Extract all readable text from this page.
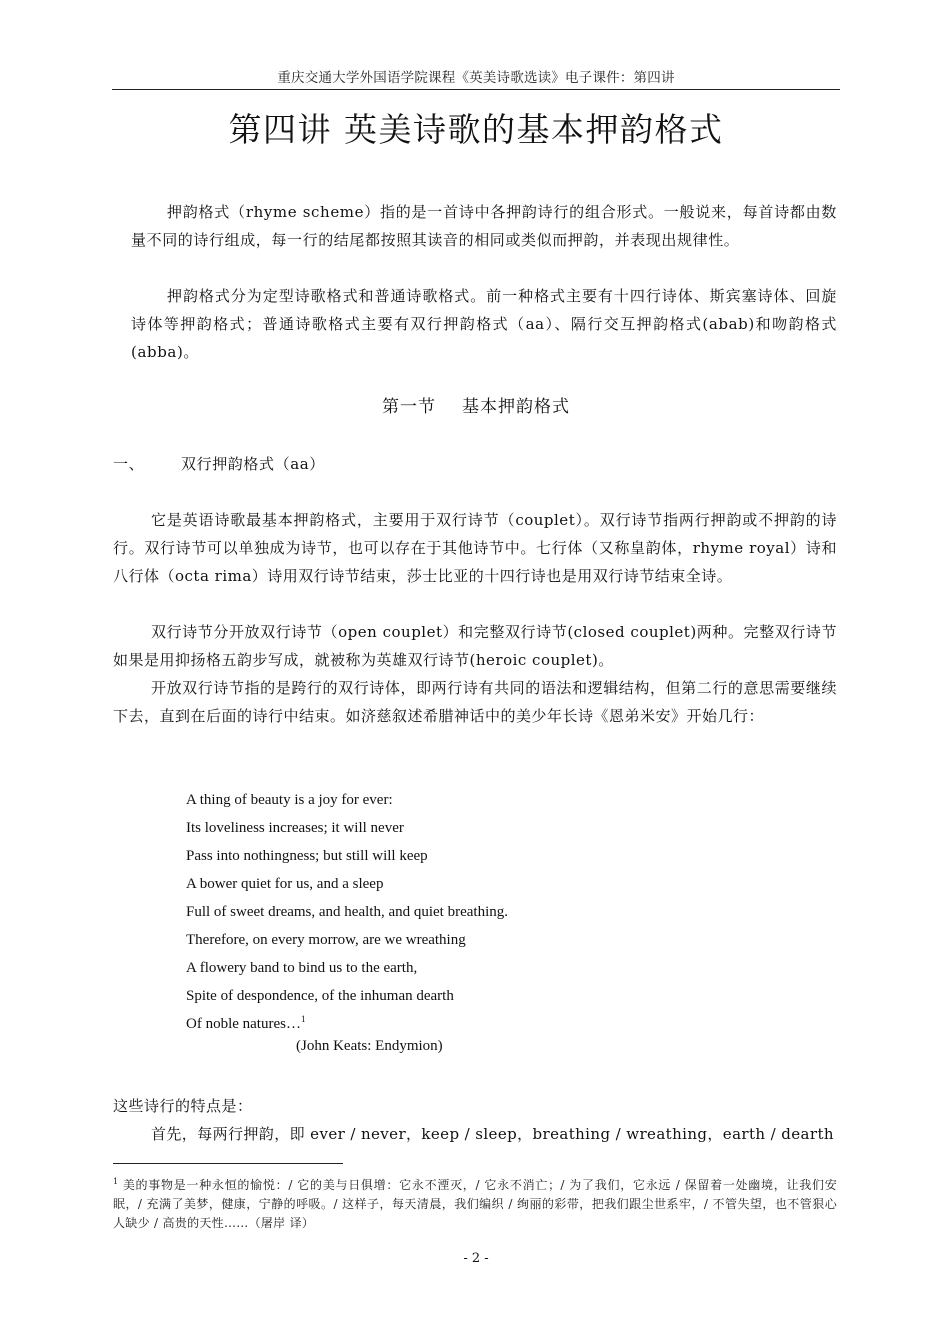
重庆交通大学外国语学院课程《英美诗歌选读》电子课件：第四讲
第四讲 英美诗歌的基本押韵格式
押韵格式（rhyme scheme）指的是一首诗中各押韵诗行的组合形式。一般说来，每首诗都由数量不同的诗行组成，每一行的结尾都按照其读音的相同或类似而押韵，并表现出规律性。
押韵格式分为定型诗歌格式和普通诗歌格式。前一种格式主要有十四行诗体、斯宾塞诗体、回旋诗体等押韵格式；普通诗歌格式主要有双行押韵格式（aa）、隔行交互押韵格式(abab)和吻韵格式(abba)。
第一节 基本押韵格式
一、 双行押韵格式（aa）
它是英语诗歌最基本押韵格式，主要用于双行诗节（couplet）。双行诗节指两行押韵或不押韵的诗行。双行诗节可以单独成为诗节，也可以存在于其他诗节中。七行体（又称皇韵体，rhyme royal）诗和八行体（octa rima）诗用双行诗节结束，莎士比亚的十四行诗也是用双行诗节结束全诗。
双行诗节分开放双行诗节（open couplet）和完整双行诗节(closed couplet)两种。完整双行诗节如果是用抑扬格五韵步写成，就被称为英雄双行诗节(heroic couplet)。
开放双行诗节指的是跨行的双行诗体，即两行诗有共同的语法和逻辑结构，但第二行的意思需要继续下去，直到在后面的诗行中结束。如济慈叙述希腊神话中的美少年长诗《恩弟米安》开始几行：
A thing of beauty is a joy for ever:
Its loveliness increases; it will never
Pass into nothingness; but still will keep
A bower quiet for us, and a sleep
Full of sweet dreams, and health, and quiet breathing.
Therefore, on every morrow, are we wreathing
A flowery band to bind us to the earth,
Spite of despondence, of the inhuman dearth
Of noble natures…$^1$
(John Keats: Endymion)
这些诗行的特点是：
首先，每两行押韵，即 ever / never，keep / sleep，breathing / wreathing，earth / dearth
$^1$ 美的事物是一种永恒的愉悦：/ 它的美与日俱增：它永不湮灭，/ 它永不消亡；/ 为了我们，它永远 / 保留着一处幽境，让我们安眠，/ 充满了美梦，健康，宁静的呼吸。/ 这样子，每天清晨，我们编织 / 绚丽的彩带，把我们跟尘世系牢，/ 不管失望，也不管狠心人缺少 / 高贵的天性……（屠岸 译）
- 2 -
